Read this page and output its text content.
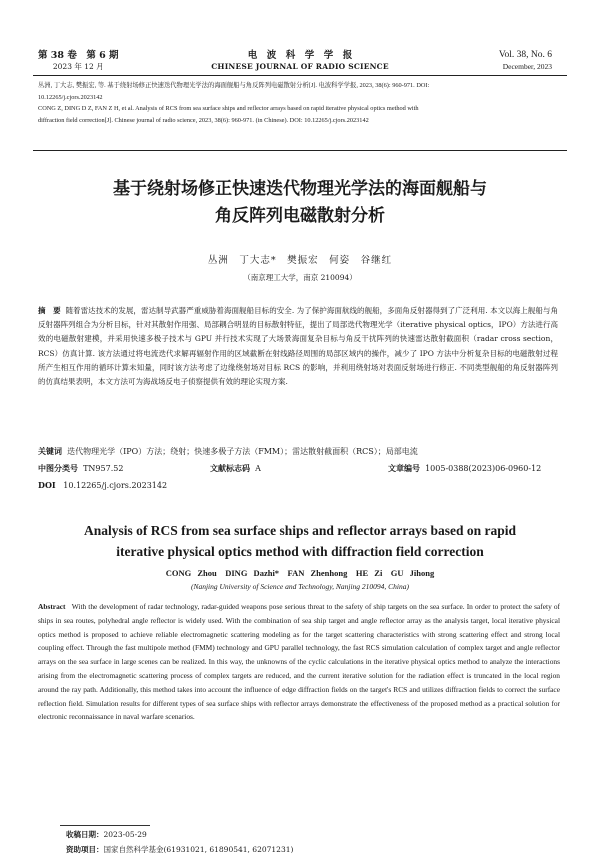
第 38 卷　第 6 期
2023 年 12 月
电　波　科　学　学　报
CHINESE JOURNAL OF RADIO SCIENCE
Vol. 38, No. 6
December, 2023
丛洲, 丁大志, 樊振宏, 等. 基于绕射场修正快速迭代物理光学法的海面舰船与角反阵列电磁散射分析[J]. 电波科学学报, 2023, 38(6): 960-971. DOI:
10.12265/j.cjors.2023142
CONG Z, DING D Z, FAN Z H, et al. Analysis of RCS from sea surface ships and reflector arrays based on rapid iterative physical optics method with
diffraction field correction[J]. Chinese journal of radio science, 2023, 38(6): 960-971. (in Chinese). DOI: 10.12265/j.cjors.2023142
基于绕射场修正快速迭代物理光学法的海面舰船与
角反阵列电磁散射分析
丛洲　丁大志*　樊振宏　何姿　谷继红
（南京理工大学，南京 210094）
摘　要 随着雷达技术的发展，雷达制导武器严重威胁着海面舰船目标的安全. 为了保护海面航线的舰船，多面角反射器得到了广泛利用. 本文以海上舰船与角反射器阵列组合为分析目标，针对其散射作用强、局部耦合明显的目标散射特征，提出了局部迭代物理光学（iterative physical optics，IPO）方法进行高效的电磁散射建模，并采用快速多极子技术与 GPU 并行技术实现了大场景海面复杂目标与角反干扰阵列的快速雷达散射截面积（radar cross section，RCS）仿真计算. 该方法通过将电流迭代求解再辐射作用的区域截断在射线路径周围的局部区域内的操作，减少了 IPO 方法中分析复杂目标的电磁散射过程所产生相互作用的循环计算未知量，同时该方法考虑了边缘绕射场对目标 RCS 的影响，并利用绕射场对表面反射场进行修正. 不同类型舰船的角反射器阵列的仿真结果表明，本文方法可为海战场反电子侦察提供有效的理论实现方案.
关键词 迭代物理光学（IPO）方法；绕射；快速多极子方法（FMM）；雷达散射截面积（RCS）；局部电流
中图分类号 TN957.52	文献标志码 A	文章编号 1005-0388(2023)06-0960-12
DOI 10.12265/j.cjors.2023142
Analysis of RCS from sea surface ships and reflector arrays based on rapid
iterative physical optics method with diffraction field correction
CONG Zhou　DING Dazhi*　FAN Zhenhong　HE Zi　GU Jihong
(Nanjing University of Science and Technology, Nanjing 210094, China)
Abstract With the development of radar technology, radar-guided weapons pose serious threat to the safety of ship targets on the sea surface. In order to protect the safety of ships in sea routes, polyhedral angle reflector is widely used. With the combination of sea ship target and angle reflector array as the analysis target, local iterative physical optics method is proposed to achieve reliable electromagnetic scattering modeling as for the target scattering characteristics with strong scattering effect and strong local coupling effect. Through the fast multipole method (FMM) technology and GPU parallel technology, the fast RCS simulation calculation of complex target and angle reflector arrays on the sea surface in large scenes can be realized. In this way, the unknowns of the cyclic calculations in the iterative physical optics method to analyze the interactions arising from the electromagnetic scattering process of complex targets are reduced, and the current iterative solution for the radiation effect is truncated in the local region around the ray path. Additionally, this method takes into account the influence of edge diffraction fields on the target's RCS and utilizes diffraction fields to correct the surface reflection field. Simulation results for different types of sea surface ships with reflector arrays demonstrate the effectiveness of the proposed method as a practical solution for electronic reconnaissance in naval warfare scenarios.
收稿日期：2023-05-29
资助项目：国家自然科学基金(61931021, 61890541, 62071231)
